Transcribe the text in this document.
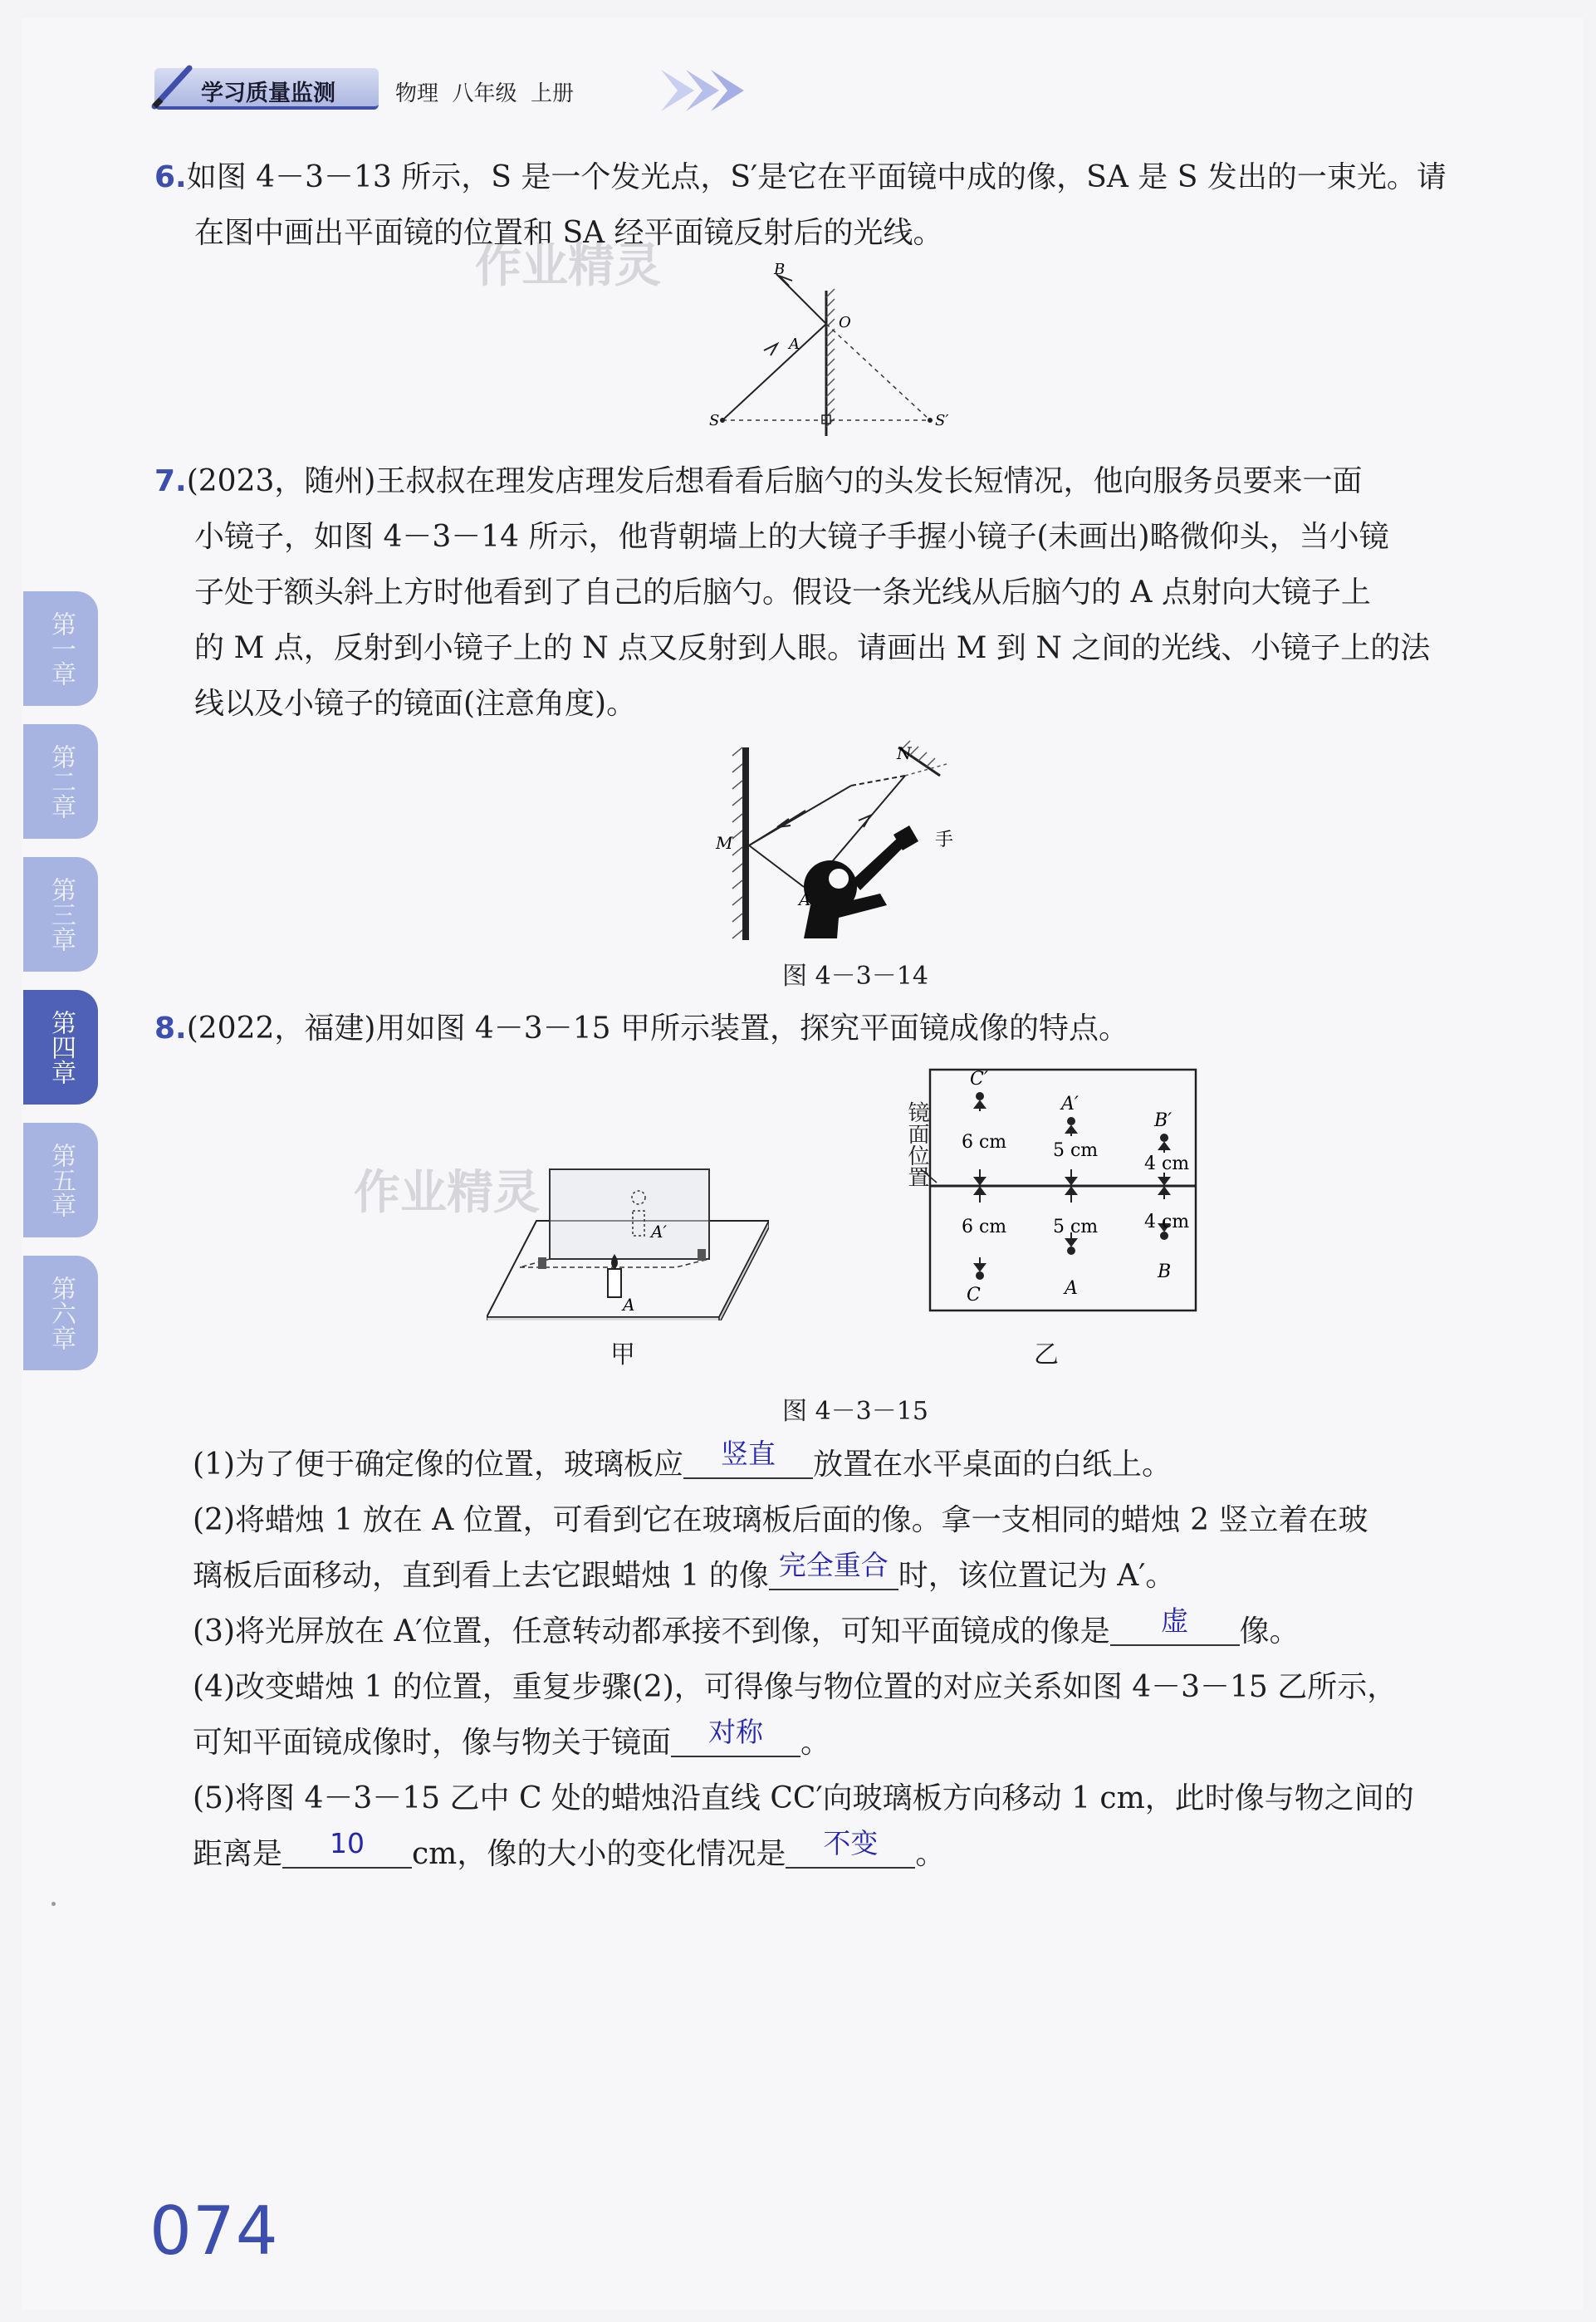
学习质量监测	物理  八年级  上册
第一章
第二章
第三章
第四章
第五章
第六章
作业精灵
作业精灵
6.如图 4－3－13 所示，S 是一个发光点，S′是它在平面镜中成的像，SA 是 S 发出的一束光。请
在图中画出平面镜的位置和 SA 经平面镜反射后的光线。
B
O
A
S	S′
7.(2023，随州)王叔叔在理发店理发后想看看后脑勺的头发长短情况，他向服务员要来一面
小镜子，如图 4－3－14 所示，他背朝墙上的大镜子手握小镜子(未画出)略微仰头，当小镜
子处于额头斜上方时他看到了自己的后脑勺。假设一条光线从后脑勺的 A 点射向大镜子上
的 M 点，反射到小镜子上的 N 点又反射到人眼。请画出 M 到 N 之间的光线、小镜子上的法
线以及小镜子的镜面(注意角度)。
M
N
A
手
图 4－3－14
8.(2022，福建)用如图 4－3－15 甲所示装置，探究平面镜成像的特点。
A
A′
甲
镜面位置
C′
A′
B′
6 cm	5 cm
4 cm
6 cm	5 cm	4 cm
C	A
B
乙
图 4－3－15
(1)为了便于确定像的位置，玻璃板应	竖直	放置在水平桌面的白纸上。
(2)将蜡烛 1 放在 A 位置，可看到它在玻璃板后面的像。拿一支相同的蜡烛 2 竖立着在玻
璃板后面移动，直到看上去它跟蜡烛 1 的像 完全重合 时，该位置记为 A′。
(3)将光屏放在 A′位置，任意转动都承接不到像，可知平面镜成的像是	虚	像。
(4)改变蜡烛 1 的位置，重复步骤(2)，可得像与物位置的对应关系如图 4－3－15 乙所示，
可知平面镜成像时，像与物关于镜面	对称	。
(5)将图 4－3－15 乙中 C 处的蜡烛沿直线 CC′向玻璃板方向移动 1 cm，此时像与物之间的
距离是	10	cm，像的大小的变化情况是	不变	。
074
